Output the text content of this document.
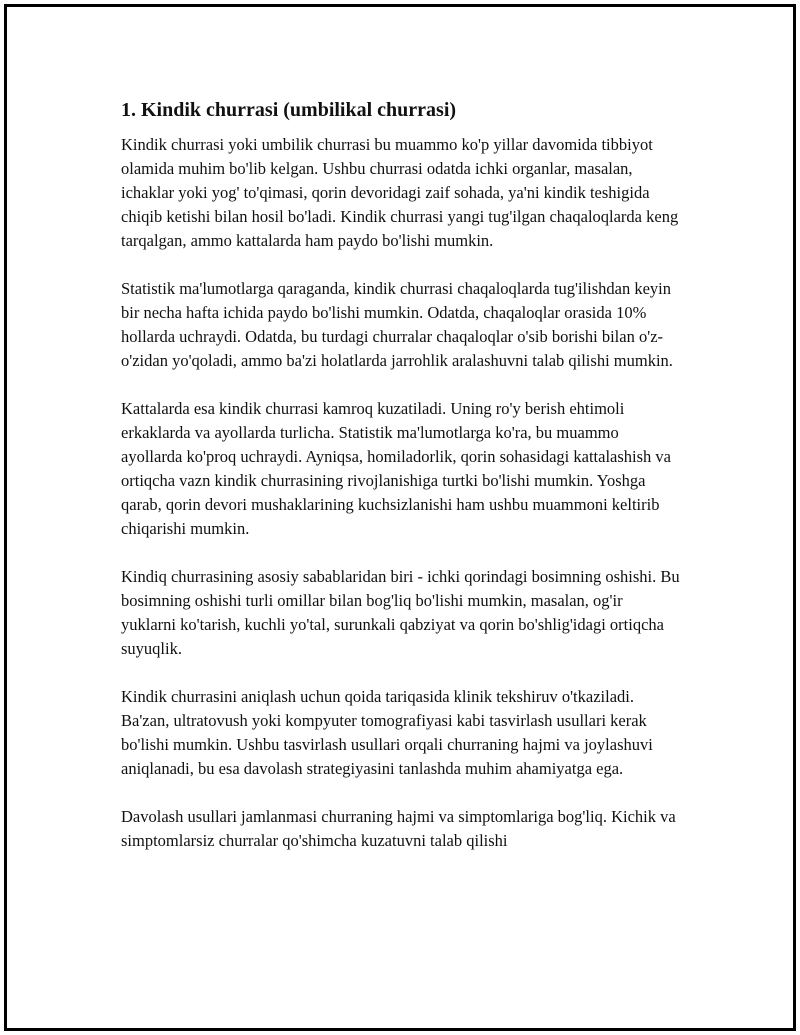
1. Kindik churrasi (umbilikal churrasi)

Kindik churrasi yoki umbilik churrasi bu muammo ko'p yillar davomida tibbiyot olamida muhim bo'lib kelgan. Ushbu churrasi odatda ichki organlar, masalan, ichaklar yoki yog' to'qimasi, qorin devoridagi zaif sohada, ya'ni kindik teshigida chiqib ketishi bilan hosil bo'ladi. Kindik churrasi yangi tug'ilgan chaqaloqlarda keng tarqalgan, ammo kattalarda ham paydo bo'lishi mumkin.

Statistik ma'lumotlarga qaraganda, kindik churrasi chaqaloqlarda tug'ilishdan keyin bir necha hafta ichida paydo bo'lishi mumkin. Odatda, chaqaloqlar orasida 10% hollarda uchraydi. Odatda, bu turdagi churralar chaqaloqlar o'sib borishi bilan o'z-o'zidan yo'qoladi, ammo ba'zi holatlarda jarrohlik aralashuvni talab qilishi mumkin.

Kattalarda esa kindik churrasi kamroq kuzatiladi. Uning ro'y berish ehtimoli erkaklarda va ayollarda turlicha. Statistik ma'lumotlarga ko'ra, bu muammo ayollarda ko'proq uchraydi. Ayniqsa, homiladorlik, qorin sohasidagi kattalashish va ortiqcha vazn kindik churrasining rivojlanishiga turtki bo'lishi mumkin. Yoshga qarab, qorin devori mushaklarining kuchsizlanishi ham ushbu muammoni keltirib chiqarishi mumkin.

Kindiq churrasining asosiy sabablaridan biri - ichki qorindagi bosimning oshishi. Bu bosimning oshishi turli omillar bilan bog'liq bo'lishi mumkin, masalan, og'ir yuklarni ko'tarish, kuchli yo'tal, surunkali qabziyat va qorin bo'shlig'idagi ortiqcha suyuqlik.

Kindik churrasini aniqlash uchun qoida tariqasida klinik tekshiruv o'tkaziladi. Ba'zan, ultratovush yoki kompyuter tomografiyasi kabi tasvirlash usullari kerak bo'lishi mumkin. Ushbu tasvirlash usullari orqali churraning hajmi va joylashuvi aniqlanadi, bu esa davolash strategiyasini tanlashda muhim ahamiyatga ega.

Davolash usullari jamlanmasi churraning hajmi va simptomlariga bog'liq. Kichik va simptomlarsiz churralar qo'shimcha kuzatuvni talab qilishi
